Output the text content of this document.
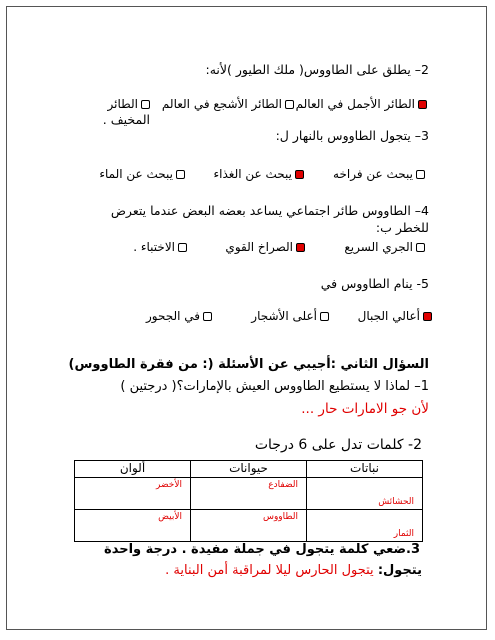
2– يطلق على الطاووس( ملك الطيور )لأنه:
الطائر الأجمل في العالم
الطائر الأشجع في العالم
الطائر
المخيف .
3– يتجول الطاووس بالنهار ل:
يبحث عن فراخه
يبحث عن الغذاء
يبحث عن الماء
4– الطاووس طائر اجتماعي يساعد بعضه البعض عندما يتعرض
للخطر ب:
الجري السريع
الصراخ القوي
الاختباء .
5- ينام الطاووس في
أعالي الجبال
أعلى الأشجار
في الجحور
السؤال الثاني :أجيبي عن الأسئلة (: من فقرة الطاووس)
1– لماذا لا يستطيع الطاووس العيش بالإمارات؟( درجتين )
لأن جو الامارات حار ...
2- كلمات تدل على 6 درجات
نباتات	حيوانات	ألوان

الحشائش	الضفادع	الأخضر

الثمار	الطاووس	الأبيض
3.ضعي كلمة يتجول في جملة مفيدة . درجة واحدة
يتجول: يتجول الحارس ليلا لمراقبة أمن البناية .
